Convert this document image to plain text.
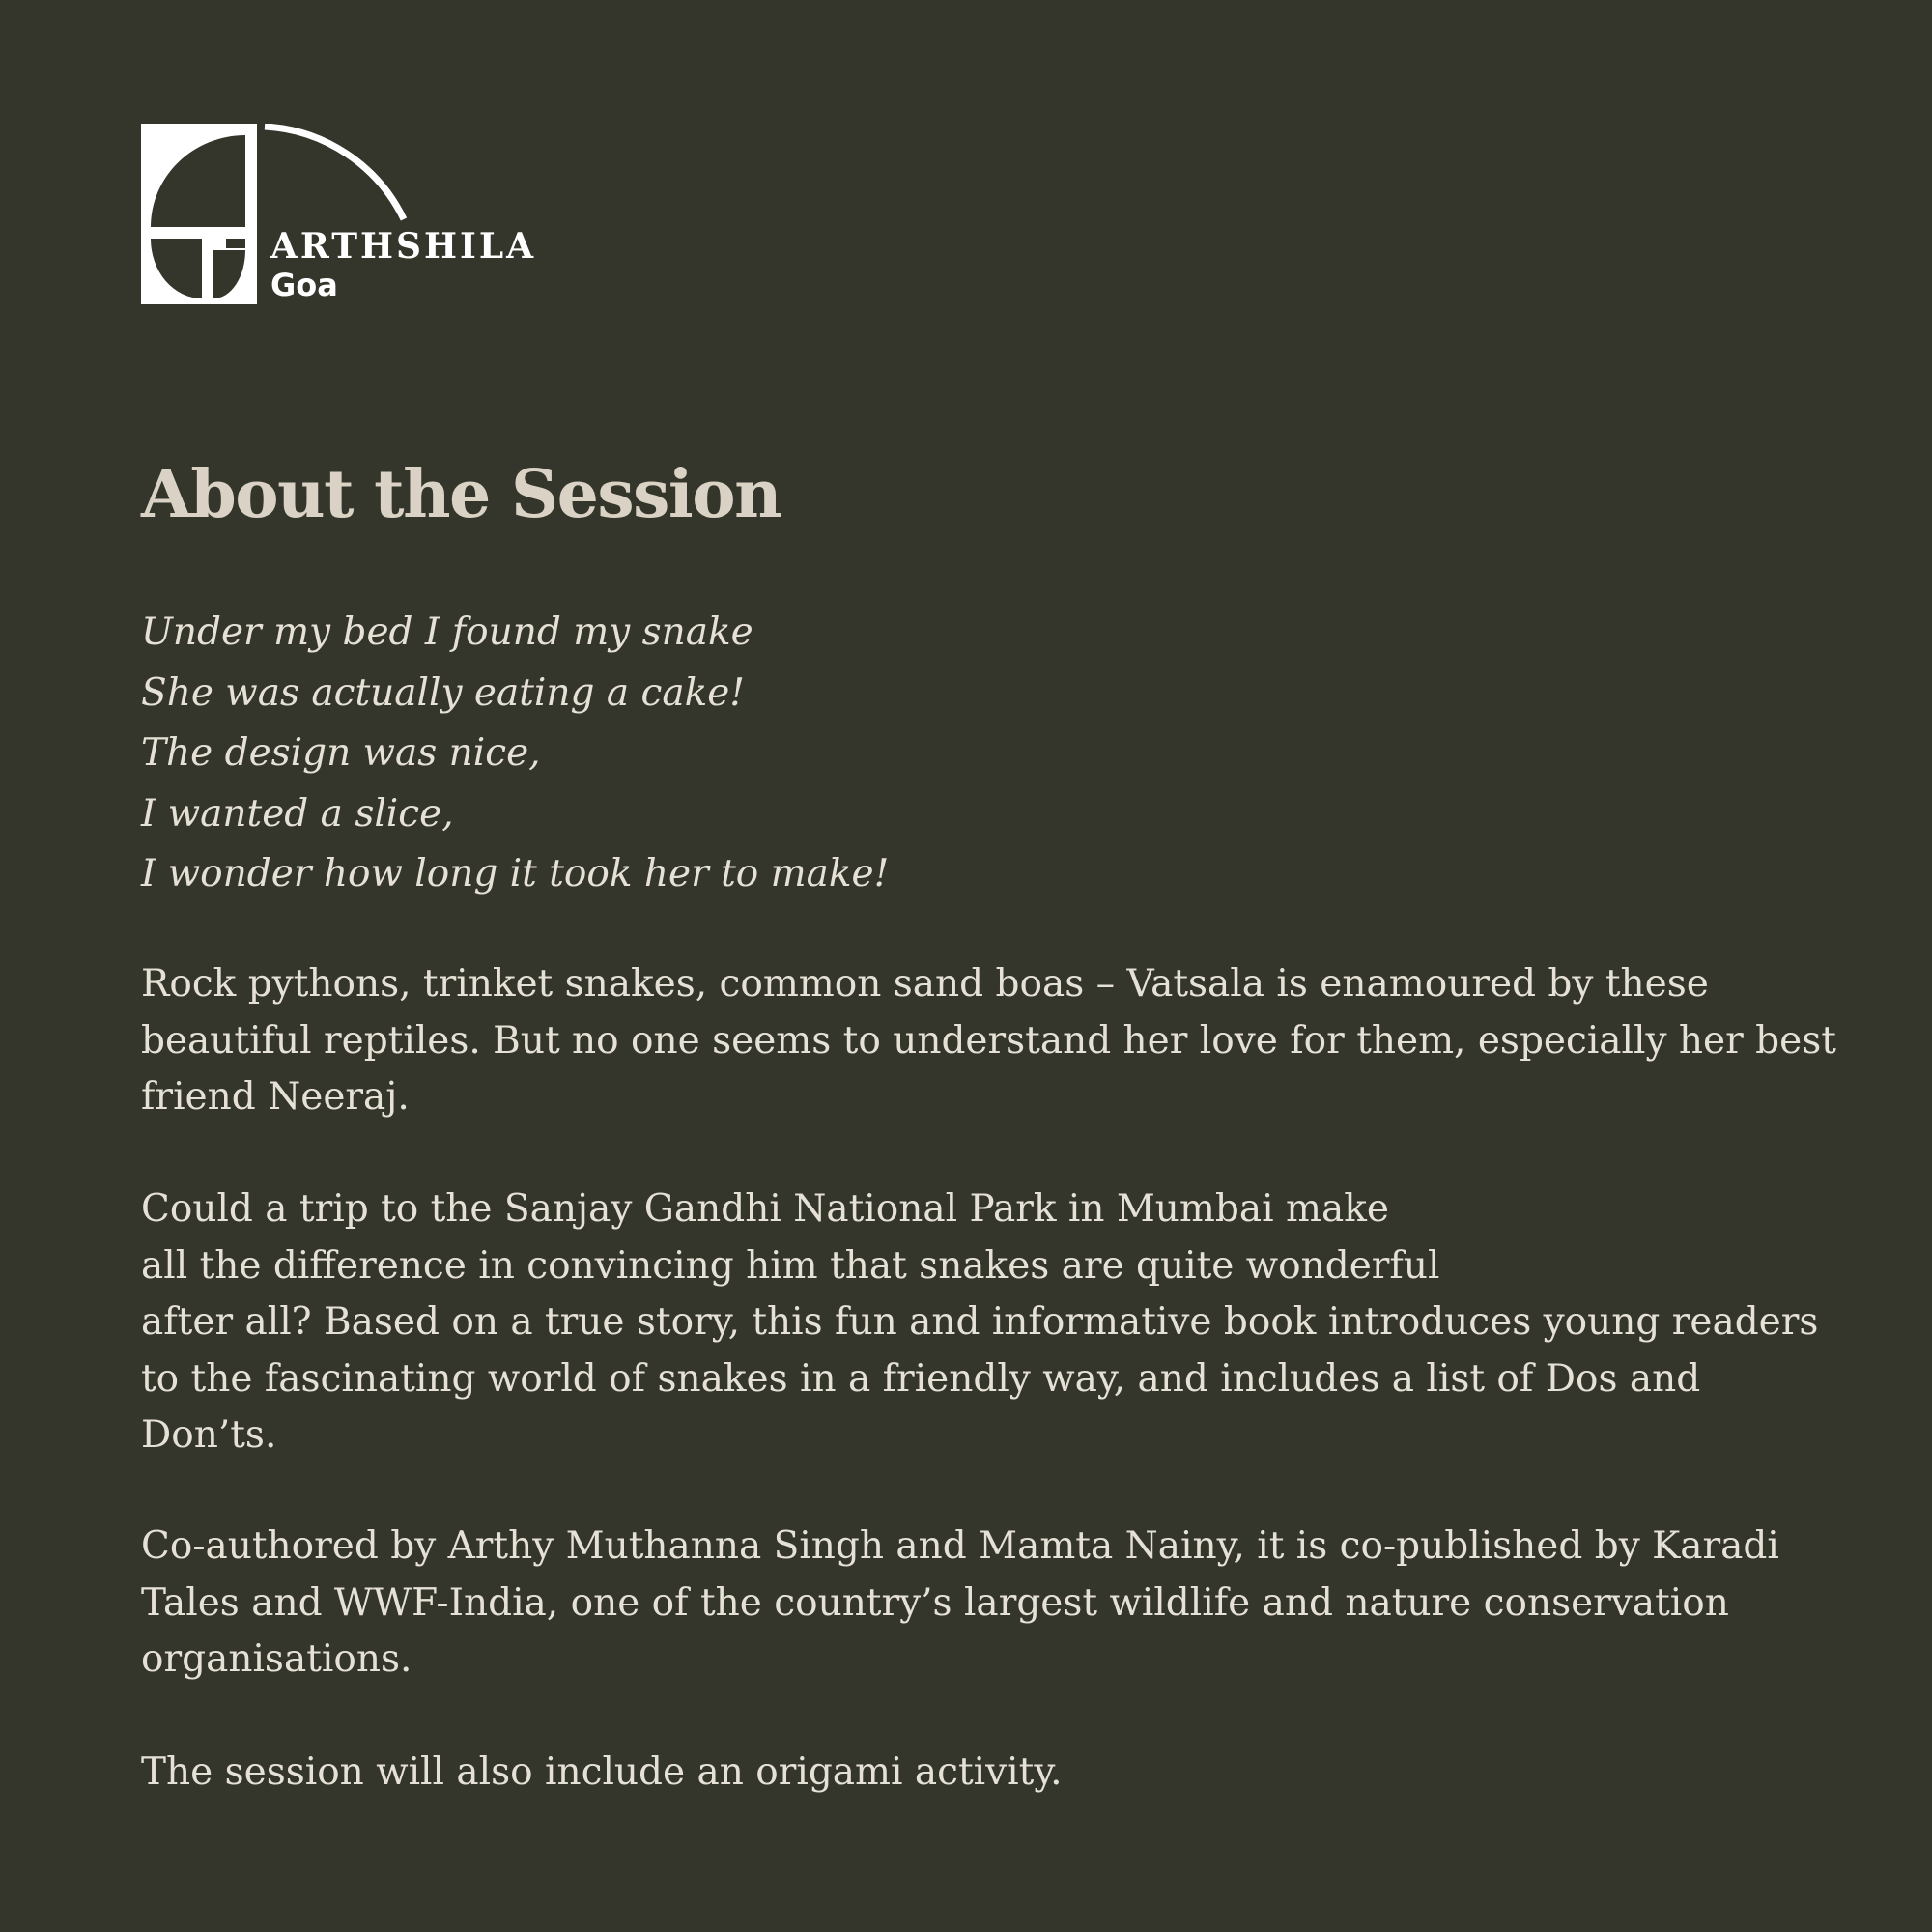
ARTHSHILA
Goa
About the Session
Under my bed I found my snake
She was actually eating a cake!
The design was nice,
I wanted a slice,
I wonder how long it took her to make!

Rock pythons, trinket snakes, common sand boas – Vatsala is enamoured by these
beautiful reptiles. But no one seems to understand her love for them, especially her best
friend Neeraj.

Could a trip to the Sanjay Gandhi National Park in Mumbai make
all the difference in convincing him that snakes are quite wonderful
after all? Based on a true story, this fun and informative book introduces young readers
to the fascinating world of snakes in a friendly way, and includes a list of Dos and
Don’ts.

Co-authored by Arthy Muthanna Singh and Mamta Nainy, it is co-published by Karadi
Tales and WWF-India, one of the country’s largest wildlife and nature conservation
organisations.

The session will also include an origami activity.
